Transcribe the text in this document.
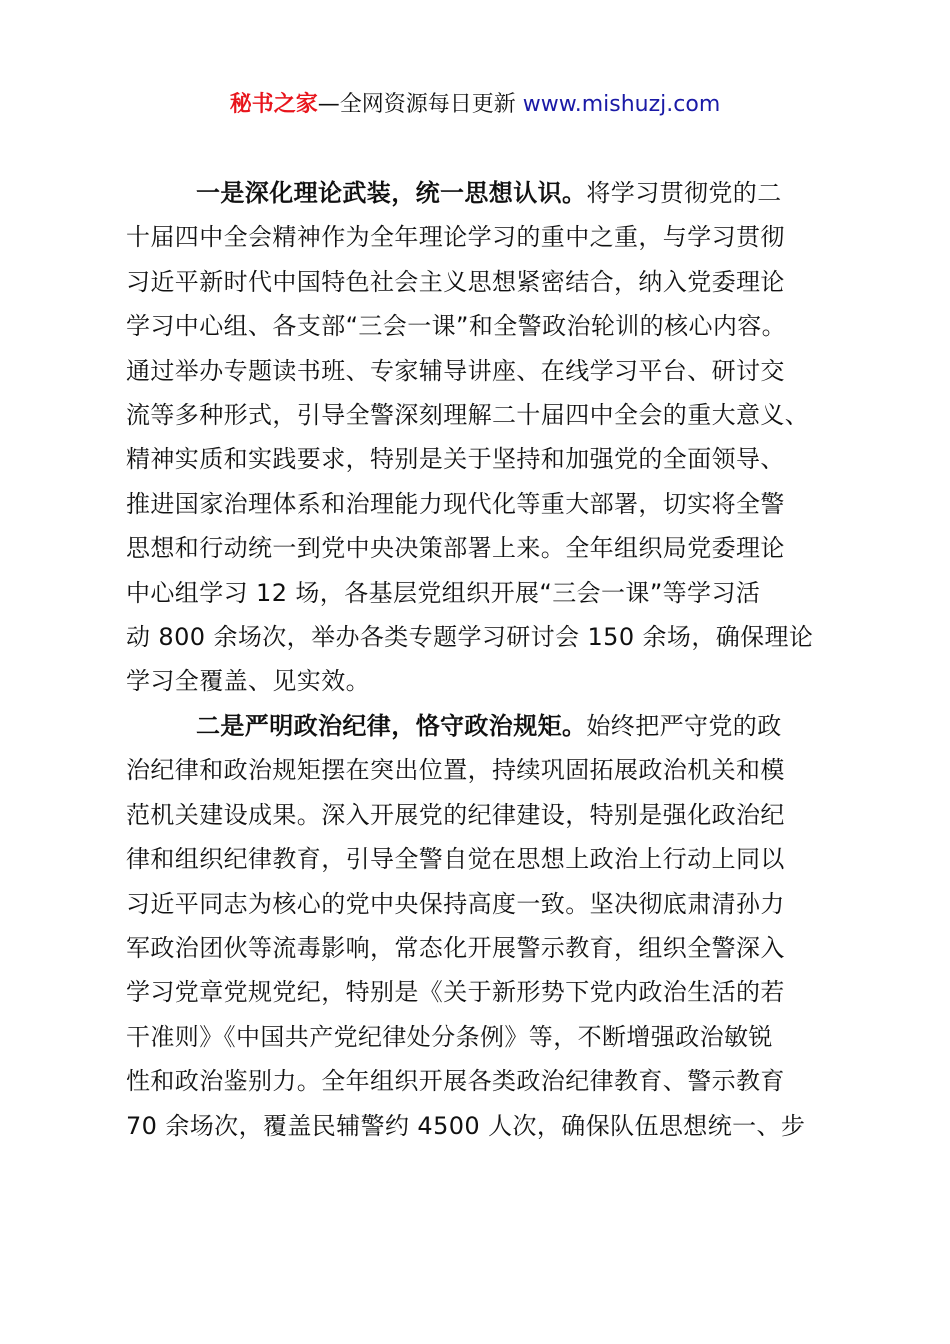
秘书之家—全网资源每日更新 www.mishuzj.com

一是深化理论武装，统一思想认识。将学习贯彻党的二
十届四中全会精神作为全年理论学习的重中之重，与学习贯彻
习近平新时代中国特色社会主义思想紧密结合，纳入党委理论
学习中心组、各支部“三会一课”和全警政治轮训的核心内容。
通过举办专题读书班、专家辅导讲座、在线学习平台、研讨交
流等多种形式，引导全警深刻理解二十届四中全会的重大意义、
精神实质和实践要求，特别是关于坚持和加强党的全面领导、
推进国家治理体系和治理能力现代化等重大部署，切实将全警
思想和行动统一到党中央决策部署上来。全年组织局党委理论
中心组学习 12 场，各基层党组织开展“三会一课”等学习活
动 800 余场次，举办各类专题学习研讨会 150 余场，确保理论
学习全覆盖、见实效。

二是严明政治纪律，恪守政治规矩。始终把严守党的政
治纪律和政治规矩摆在突出位置，持续巩固拓展政治机关和模
范机关建设成果。深入开展党的纪律建设，特别是强化政治纪
律和组织纪律教育，引导全警自觉在思想上政治上行动上同以
习近平同志为核心的党中央保持高度一致。坚决彻底肃清孙力
军政治团伙等流毒影响，常态化开展警示教育，组织全警深入
学习党章党规党纪，特别是《关于新形势下党内政治生活的若
干准则》《中国共产党纪律处分条例》等，不断增强政治敏锐
性和政治鉴别力。全年组织开展各类政治纪律教育、警示教育
70 余场次，覆盖民辅警约 4500 人次，确保队伍思想统一、步
